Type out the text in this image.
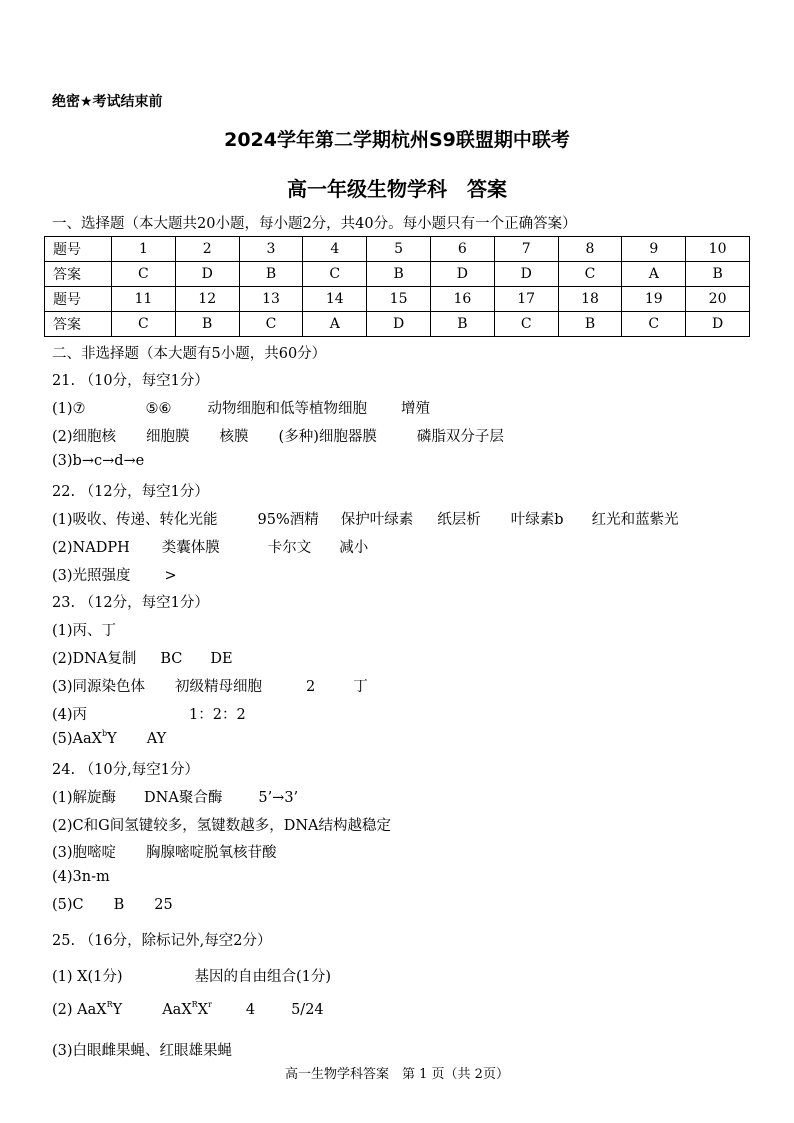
绝密★考试结束前
2024学年第二学期杭州S9联盟期中联考
高一年级生物学科　答案
一、选择题（本大题共20小题，每小题2分，共40分。每小题只有一个正确答案）
题号	1	2	3	4	5	6	7	8	9	10
答案	C	D	B	C	B	D	D	C	A	B
题号	11	12	13	14	15	16	17	18	19	20
答案	C	B	C	A	D	B	C	B	C	D
二、非选择题（本大题有5小题，共60分）
21. （10分，每空1分）
(1)⑦	⑤⑥ 动物细胞和低等植物细胞 增殖
(2)细胞核 细胞膜 核膜 (多种)细胞器膜	磷脂双分子层
(3)b→c→d→e
22. （12分，每空1分）
(1)吸收、传递、转化光能	95%酒精 保护叶绿素 纸层析 叶绿素b 红光和蓝紫光
(2)NADPH 类囊体膜	卡尔文 减小
(3)光照强度 >
23. （12分，每空1分）
(1)丙、丁
(2)DNA复制 BC DE
(3)同源染色体 初级精母细胞	2	丁
(4)丙	1：2：2
(5)AaX$^b$Y AY
24. （10分,每空1分）
(1)解旋酶 DNA聚合酶 5’→3’
(2)C和G间氢键较多，氢键数越多，DNA结构越稳定
(3)胞嘧啶 胸腺嘧啶脱氧核苷酸
(4)3n-m
(5)C B 25
25. （16分，除标记外,每空2分）
(1) X(1分)	基因的自由组合(1分)
(2) AaX$^R$Y	$AaX^RX^r$ 4 5/24
(3)白眼雌果蝇、红眼雄果蝇
高一生物学科答案　第 1 页（共 2页）
